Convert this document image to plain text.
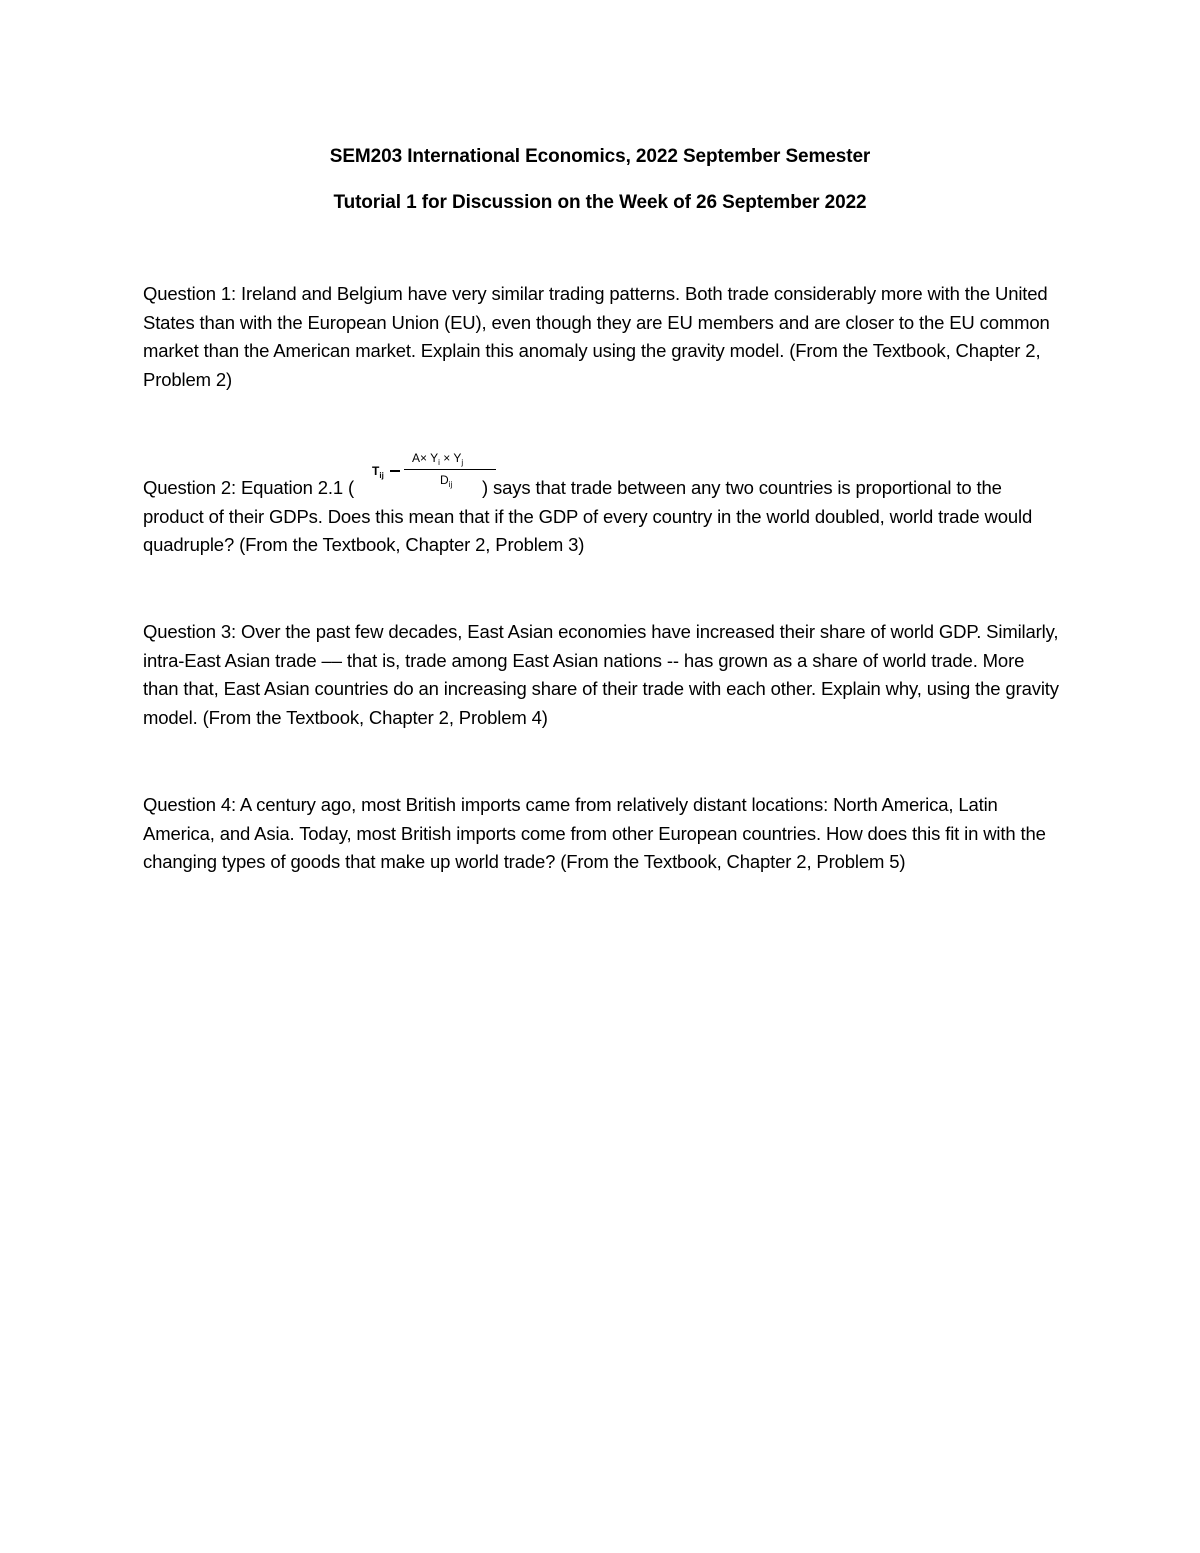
SEM203 International Economics, 2022 September Semester
Tutorial 1 for Discussion on the Week of 26 September 2022
Question 1: Ireland and Belgium have very similar trading patterns. Both trade considerably more with the United States than with the European Union (EU), even though they are EU members and are closer to the EU common market than the American market. Explain this anomaly using the gravity model. (From the Textbook, Chapter 2, Problem 2)
Question 2: Equation 2.1 (	) says that trade between any two countries is proportional to the product of their GDPs. Does this mean that if the GDP of every country in the world doubled, world trade would quadruple? (From the Textbook, Chapter 2, Problem 3)
$T_{ij}$
$A\times Y_i \times Y_j$
$D_{ij}$
Question 3: Over the past few decades, East Asian economies have increased their share of world GDP. Similarly, intra-East Asian trade –– that is, trade among East Asian nations -- has grown as a share of world trade. More than that, East Asian countries do an increasing share of their trade with each other. Explain why, using the gravity model. (From the Textbook, Chapter 2, Problem 4)
Question 4: A century ago, most British imports came from relatively distant locations: North America, Latin America, and Asia. Today, most British imports come from other European countries. How does this fit in with the changing types of goods that make up world trade? (From the Textbook, Chapter 2, Problem 5)
